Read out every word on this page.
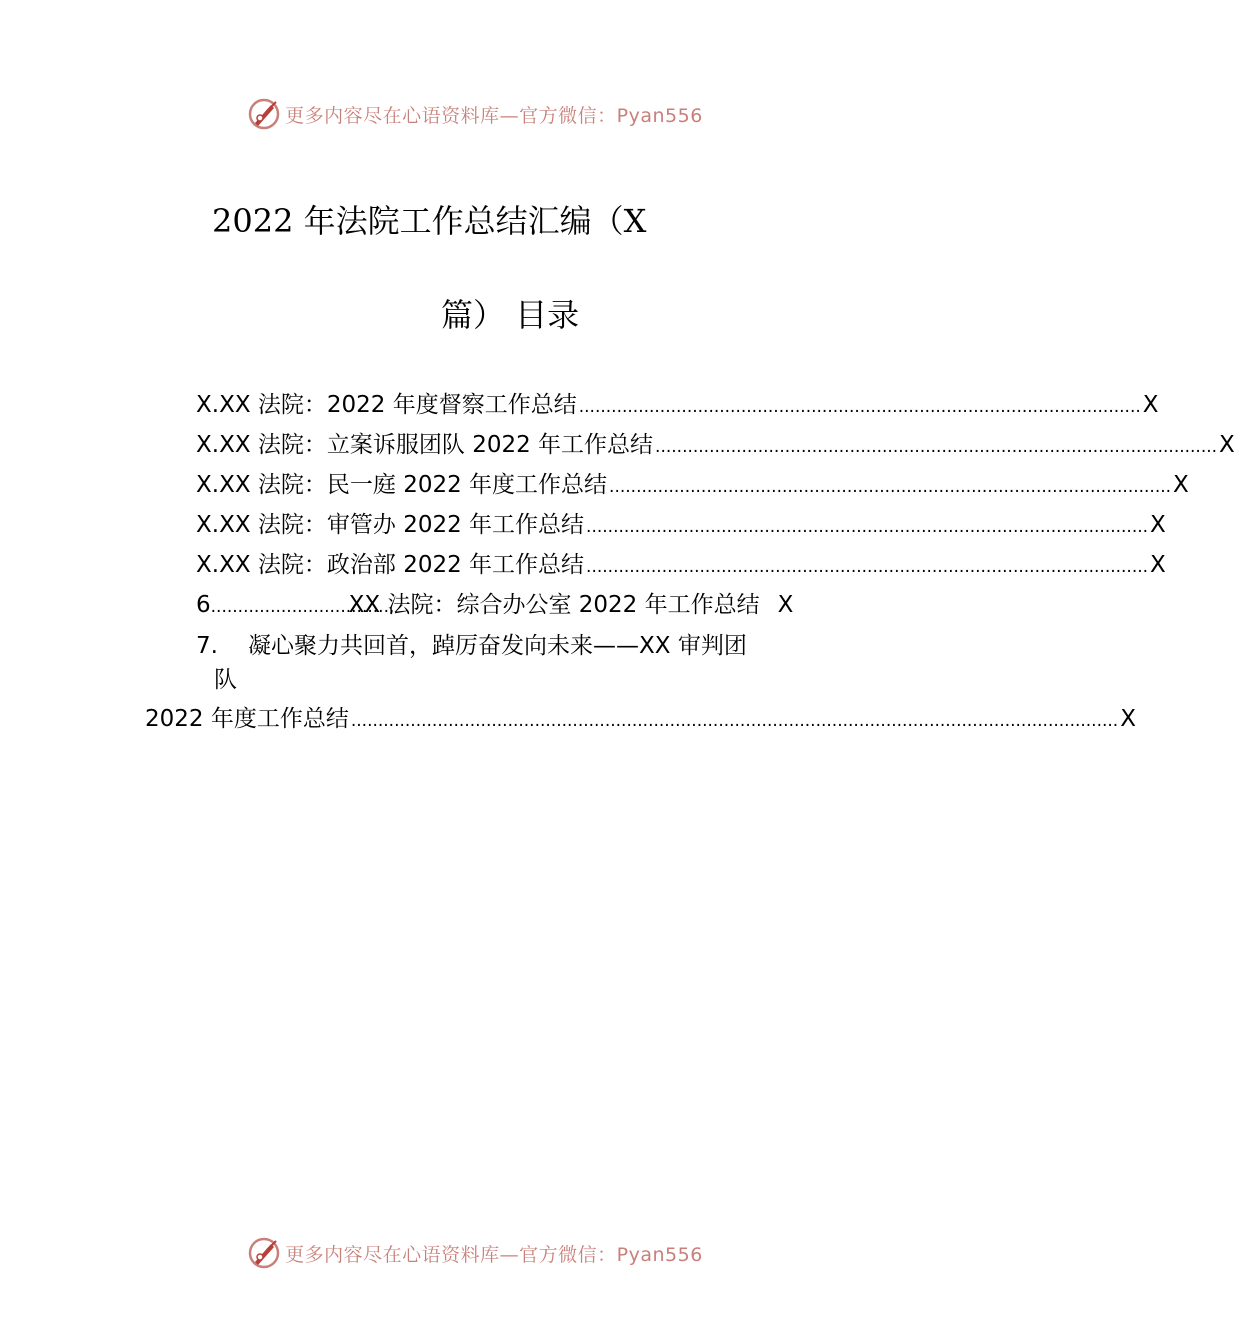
更多内容尽在心语资料库—官方微信：Pyan556
2022 年法院工作总结汇编（X
篇） 目录
X.XX 法院：2022 年度督察工作总结 ........................................................................................................ X
X.XX 法院：立案诉服团队 2022 年工作总结 ........................................................................................................ X
X.XX 法院：民一庭 2022 年度工作总结 ........................................................................................................ X
X.XX 法院：审管办 2022 年工作总结 ........................................................................................................ X
X.XX 法院：政治部 2022 年工作总结 ........................................................................................................ X
6 ..................................
XX 法院：综合办公室 2022 年工作总结 X
7. 凝心聚力共回首，踔厉奋发向未来——XX 审判团
队
2022 年度工作总结 .............................................................................................................................................. X
更多内容尽在心语资料库—官方微信：Pyan556
